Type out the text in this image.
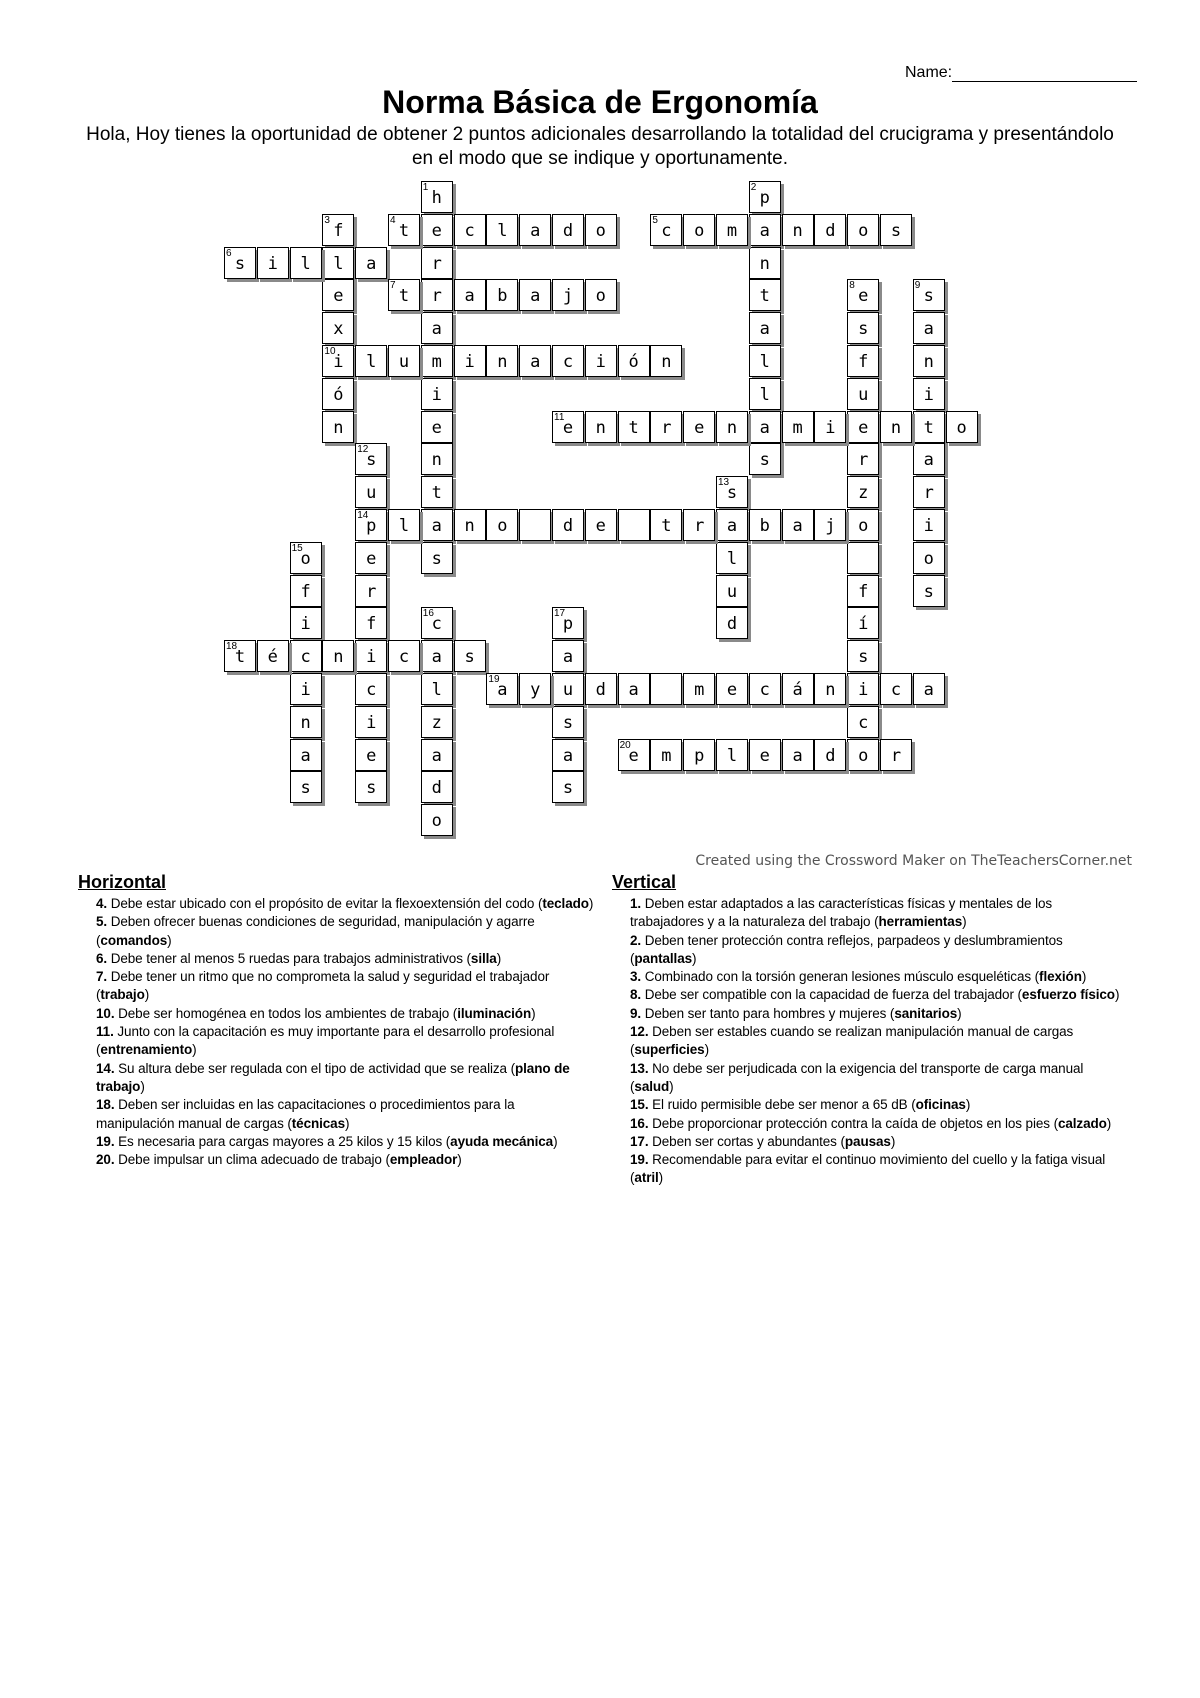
Name:
Norma Básica de Ergonomía
Hola, Hoy tienes la oportunidad de obtener 2 puntos adicionales desarrollando la totalidad del crucigrama y presentándolo en el modo que se indique y oportunamente.
1
h
e
r
r
a
m
i
e
n
t
a
s
2
p
a
n
t
a
l
l
a
s
3
f
l
e
x
10
i
ó
n
4
t	c	l	a	d	o
5
c	o	m	n	d	o	s
6
s	i	l	a
7
t	a	b	a	j	o
8
e
s
f
u
e
r
z
o
f
í
s
i
c
o
9
s
a
n
i
t
a
r
i
o
s
l	u	i	n	a	c	i	ó	n
11
e	n	t	r	e	n	m	i	n	o
12
s
u
14
p
e
r
f
i
c
i
e
s
13
s
a
l
u
d
l	n	o	d	e	t	r	b	a	j
15
o
f
i
c
i
n
a
s
16
c
a
l
z
a
d
o
17
p
a
u
s
a
s
18
t	é	n	c	s
19
a	y	d	a	m	e	c	á	n	c	a
20
e	m	p	l	e	a	d	r
Created using the Crossword Maker on TheTeachersCorner.net
Horizontal	Vertical
4. Debe estar ubicado con el propósito de evitar la flexoextensión del codo (teclado)
5. Deben ofrecer buenas condiciones de seguridad, manipulación y agarre (comandos)
6. Debe tener al menos 5 ruedas para trabajos administrativos (silla)
7. Debe tener un ritmo que no comprometa la salud y seguridad el trabajador (trabajo)
10. Debe ser homogénea en todos los ambientes de trabajo (iluminación)
11. Junto con la capacitación es muy importante para el desarrollo profesional (entrenamiento)
14. Su altura debe ser regulada con el tipo de actividad que se realiza (plano de trabajo)
18. Deben ser incluidas en las capacitaciones o procedimientos para la manipulación manual de cargas (técnicas)
19. Es necesaria para cargas mayores a 25 kilos y 15 kilos (ayuda mecánica)
20. Debe impulsar un clima adecuado de trabajo (empleador)
1. Deben estar adaptados a las características físicas y mentales de los trabajadores y a la naturaleza del trabajo (herramientas)
2. Deben tener protección contra reflejos, parpadeos y deslumbramientos (pantallas)
3. Combinado con la torsión generan lesiones músculo esqueléticas (flexión)
8. Debe ser compatible con la capacidad de fuerza del trabajador (esfuerzo físico)
9. Deben ser tanto para hombres y mujeres (sanitarios)
12. Deben ser estables cuando se realizan manipulación manual de cargas (superficies)
13. No debe ser perjudicada con la exigencia del transporte de carga manual (salud)
15. El ruido permisible debe ser menor a 65 dB (oficinas)
16. Debe proporcionar protección contra la caída de objetos en los pies (calzado)
17. Deben ser cortas y abundantes (pausas)
19. Recomendable para evitar el continuo movimiento del cuello y la fatiga visual (atril)
